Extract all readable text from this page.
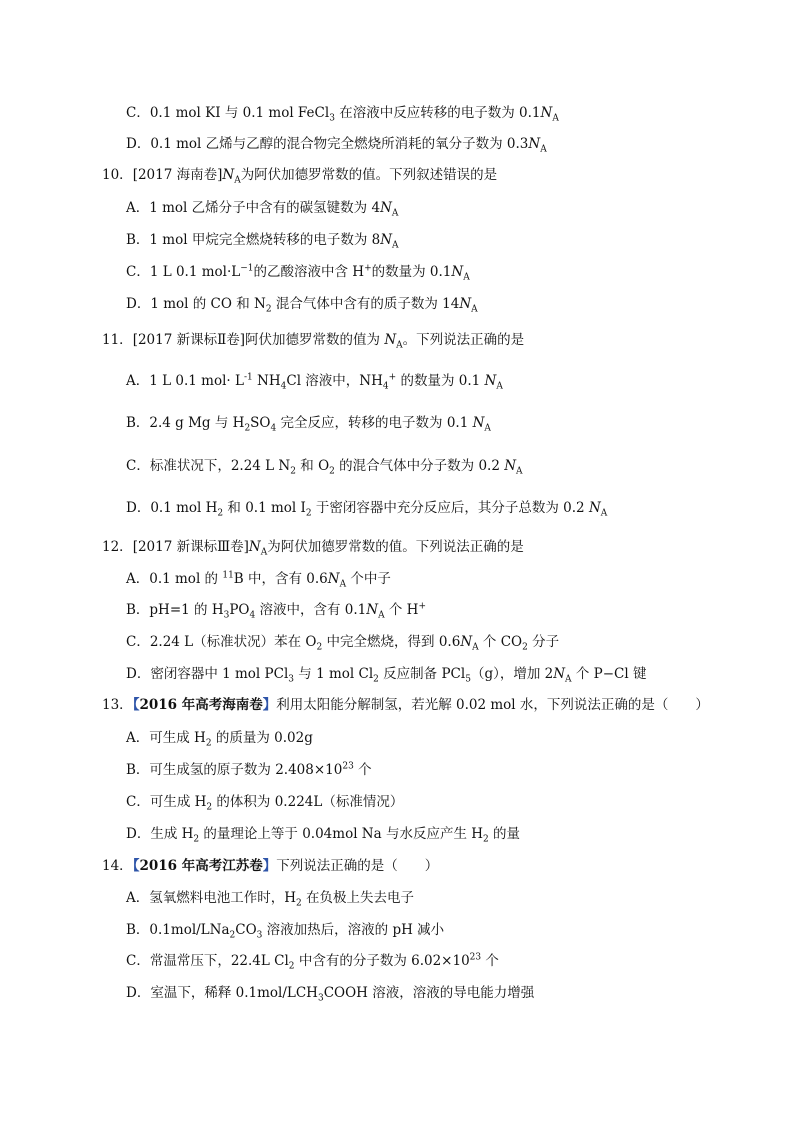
C．0.1 mol KI 与 0.1 mol FeCl$_3$ 在溶液中反应转移的电子数为 $0.1N_A$
D．0.1 mol 乙烯与乙醇的混合物完全燃烧所消耗的氧分子数为 $0.3N_A$
10．[2017 海南卷]$N_A$为阿伏加德罗常数的值。下列叙述错误的是
A．1 mol 乙烯分子中含有的碳氢键数为 $4N_A$
B．1 mol 甲烷完全燃烧转移的电子数为 $8N_A$
C．1 L 0.1 $mol\cdot L^{-1}$的乙酸溶液中含 H+的数量为 $0.1N_A$
D．1 mol 的 CO 和 $N_2$ 混合气体中含有的质子数为 $14N_A$
11．[2017 新课标Ⅱ卷]阿伏加德罗常数的值为 $N_A$。下列说法正确的是
A．1 L 0.1 $mol\cdot L^{-1}$ $NH_4Cl$ 溶液中，$NH_4^+$ 的数量为 0.1 $N_A$
B．2.4 g Mg 与 $H_2SO_4$ 完全反应，转移的电子数为 0.1 $N_A$
C．标准状况下，2.24 L $N_2$ 和 $O_2$ 的混合气体中分子数为 0.2 $N_A$
D．0.1 mol $H_2$ 和 0.1 mol $I_2$ 于密闭容器中充分反应后，其分子总数为 0.2 $N_A$
12．[2017 新课标Ⅲ卷]$N_A$为阿伏加德罗常数的值。下列说法正确的是
A．0.1 mol 的 $^{11}$B 中，含有 $0.6N_A$ 个中子
B．pH=1 的 $H_3PO_4$ 溶液中，含有 $0.1N_A$ 个 H+
C．2.24 L（标准状况）苯在 $O_2$ 中完全燃烧，得到 $0.6N_A$ 个 $CO_2$ 分子
D．密闭容器中 1 mol PCl$_3$ 与 1 mol $Cl_2$ 反应制备 PCl$_5$（g），增加 $2N_A$ 个 P−Cl 键
13．【2016 年高考海南卷】利用太阳能分解制氢，若光解 0.02 mol 水，下列说法正确的是（　　）
A．可生成 $H_2$ 的质量为 0.02g
B．可生成氢的原子数为 $2.408\times 10^{23}$ 个
C．可生成 $H_2$ 的体积为 0.224L（标准情况）
D．生成 $H_2$ 的量理论上等于 0.04mol Na 与水反应产生 $H_2$ 的量
14．【2016 年高考江苏卷】下列说法正确的是（　　）
A．氢氧燃料电池工作时，$H_2$ 在负极上失去电子
B．$0.1mol/LNa_2CO_3$ 溶液加热后，溶液的 pH 减小
C．常温常压下，22.4L $Cl_2$ 中含有的分子数为 $6.02\times 10^{23}$ 个
D．室温下，稀释 $0.1mol/LCH_3COOH$ 溶液，溶液的导电能力增强
